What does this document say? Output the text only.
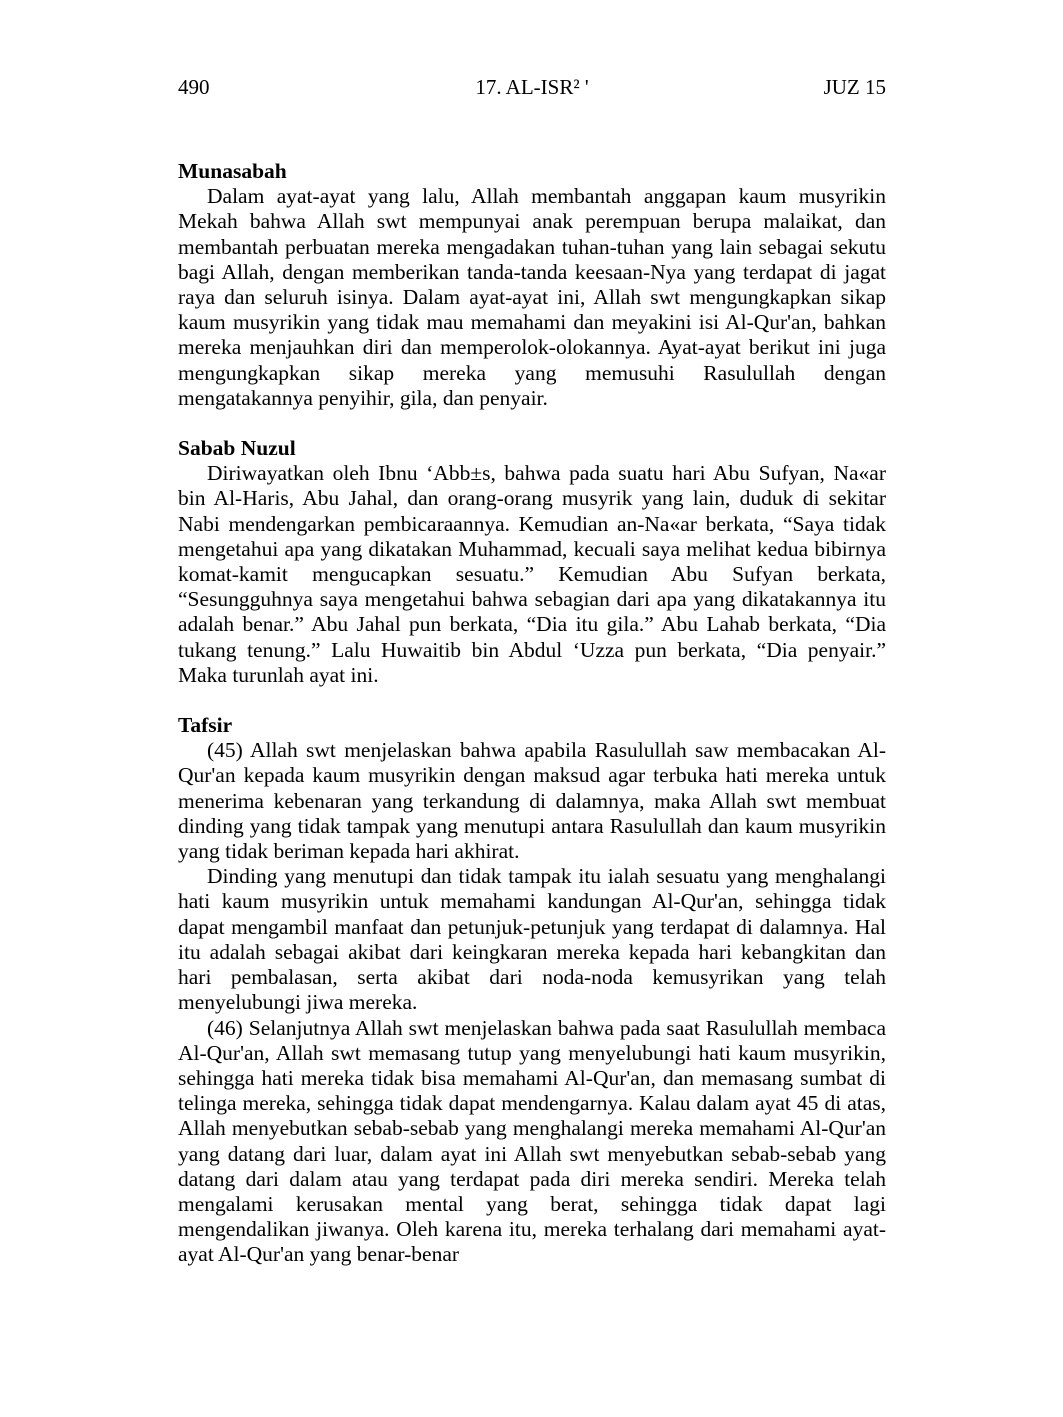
490	17. AL-ISR² '	JUZ 15
Munasabah

Dalam ayat-ayat yang lalu, Allah membantah anggapan kaum musyrikin Mekah bahwa Allah swt mempunyai anak perempuan berupa malaikat, dan membantah perbuatan mereka mengadakan tuhan-tuhan yang lain sebagai sekutu bagi Allah, dengan memberikan tanda-tanda keesaan-Nya yang terdapat di jagat raya dan seluruh isinya. Dalam ayat-ayat ini, Allah swt mengungkapkan sikap kaum musyrikin yang tidak mau memahami dan meyakini isi Al-Qur'an, bahkan mereka menjauhkan diri dan memperolok-olokannya. Ayat-ayat berikut ini juga mengungkapkan sikap mereka yang memusuhi Rasulullah dengan mengatakannya penyihir, gila, dan penyair.

Sabab Nuzul

Diriwayatkan oleh Ibnu ‘Abb±s, bahwa pada suatu hari Abu Sufyan, Na«ar bin Al-Haris, Abu Jahal, dan orang-orang musyrik yang lain, duduk di sekitar Nabi mendengarkan pembicaraannya. Kemudian an-Na«ar berkata, “Saya tidak mengetahui apa yang dikatakan Muhammad, kecuali saya melihat kedua bibirnya komat-kamit mengucapkan sesuatu.” Kemudian Abu Sufyan berkata, “Sesungguhnya saya mengetahui bahwa sebagian dari apa yang dikatakannya itu adalah benar.” Abu Jahal pun berkata, “Dia itu gila.” Abu Lahab berkata, “Dia tukang tenung.” Lalu Huwaitib bin Abdul ‘Uzza pun berkata, “Dia penyair.” Maka turunlah ayat ini.

Tafsir

(45) Allah swt menjelaskan bahwa apabila Rasulullah saw membacakan Al-Qur'an kepada kaum musyrikin dengan maksud agar terbuka hati mereka untuk menerima kebenaran yang terkandung di dalamnya, maka Allah swt membuat dinding yang tidak tampak yang menutupi antara Rasulullah dan kaum musyrikin yang tidak beriman kepada hari akhirat.

Dinding yang menutupi dan tidak tampak itu ialah sesuatu yang menghalangi hati kaum musyrikin untuk memahami kandungan Al-Qur'an, sehingga tidak dapat mengambil manfaat dan petunjuk-petunjuk yang terdapat di dalamnya. Hal itu adalah sebagai akibat dari keingkaran mereka kepada hari kebangkitan dan hari pembalasan, serta akibat dari noda-noda kemusyrikan yang telah menyelubungi jiwa mereka.

(46) Selanjutnya Allah swt menjelaskan bahwa pada saat Rasulullah membaca Al-Qur'an, Allah swt memasang tutup yang menyelubungi hati kaum musyrikin, sehingga hati mereka tidak bisa memahami Al-Qur'an, dan memasang sumbat di telinga mereka, sehingga tidak dapat mendengarnya. Kalau dalam ayat 45 di atas, Allah menyebutkan sebab-sebab yang menghalangi mereka memahami Al-Qur'an yang datang dari luar, dalam ayat ini Allah swt menyebutkan sebab-sebab yang datang dari dalam atau yang terdapat pada diri mereka sendiri. Mereka telah mengalami kerusakan mental yang berat, sehingga tidak dapat lagi mengendalikan jiwanya. Oleh karena itu, mereka terhalang dari memahami ayat-ayat Al-Qur'an yang benar-benar
